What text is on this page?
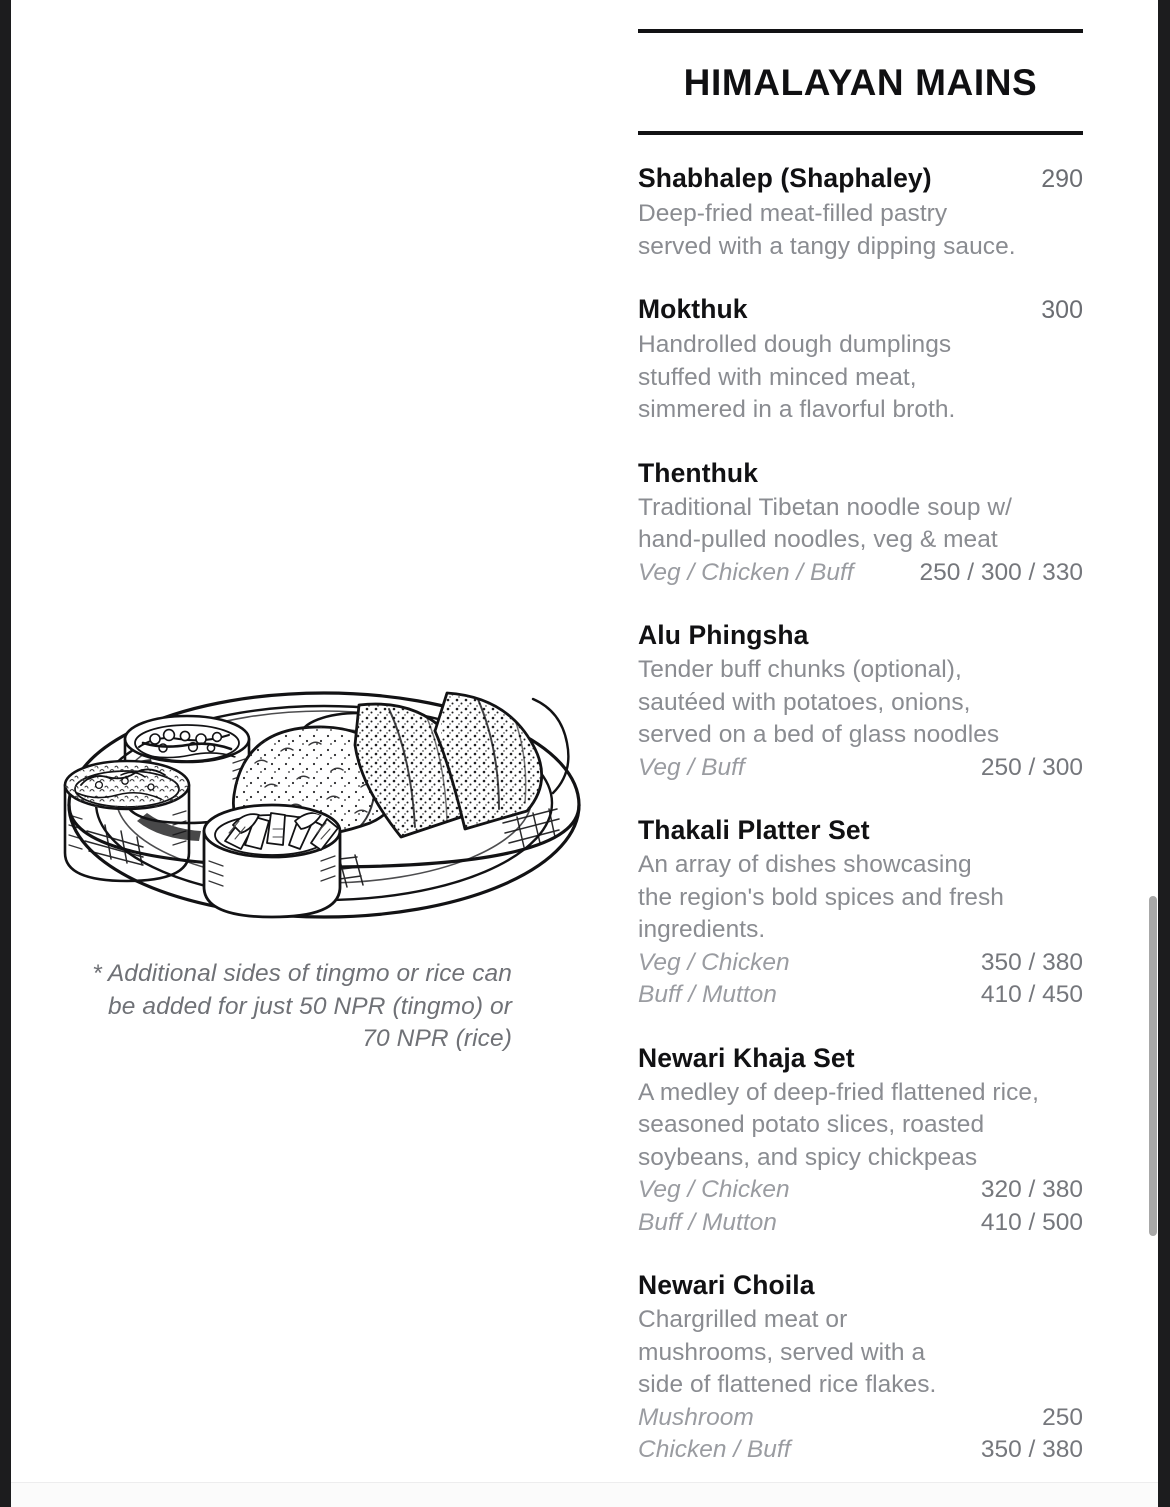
* Additional sides of tingmo or rice can be added for just 50 NPR (tingmo) or 70 NPR (rice)
HIMALAYAN MAINS
Shabhalep (Shaphaley)	290

Deep-fried meat-filled pastry

served with a tangy dipping sauce.

Mokthuk	300

Handrolled dough dumplings

stuffed with minced meat,

simmered in a flavorful broth.

Thenthuk

Traditional Tibetan noodle soup w/

hand-pulled noodles, veg & meat

Veg / Chicken / Buff	250 / 300 / 330
Alu Phingsha

Tender buff chunks (optional),

sautéed with potatoes, onions,

served on a bed of glass noodles

Veg / Buff	250 / 300
Thakali Platter Set

An array of dishes showcasing

the region's bold spices and fresh

ingredients.

Veg / Chicken	350 / 380
Buff / Mutton	410 / 450
Newari Khaja Set

A medley of deep-fried flattened rice,

seasoned potato slices, roasted

soybeans, and spicy chickpeas

Veg / Chicken	320 / 380
Buff / Mutton	410 / 500
Newari Choila

Chargrilled meat or

mushrooms, served with a

side of flattened rice flakes.

Mushroom	250
Chicken / Buff	350 / 380
